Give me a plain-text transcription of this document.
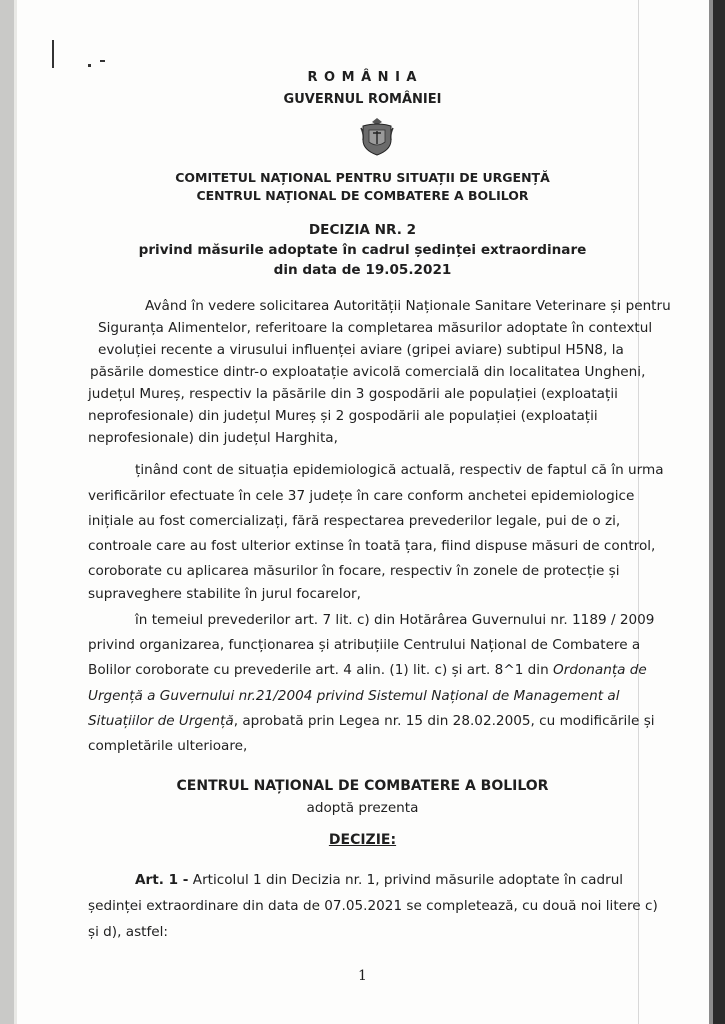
R O M Â N I A
GUVERNUL ROMÂNIEI
COMITETUL NAȚIONAL PENTRU SITUAȚII DE URGENȚĂ
CENTRUL NAȚIONAL DE COMBATERE A BOLILOR
DECIZIA NR. 2
privind măsurile adoptate în cadrul ședinței extraordinare
din data de 19.05.2021
Având în vedere solicitarea Autorității Naționale Sanitare Veterinare și pentru
Siguranța Alimentelor, referitoare la completarea măsurilor adoptate în contextul
evoluției recente a virusului influenței aviare (gripei aviare) subtipul H5N8, la
păsările domestice dintr-o exploatație avicolă comercială din localitatea Ungheni,
județul Mureș, respectiv la păsările din 3 gospodării ale populației (exploatații
neprofesionale) din județul Mureș și 2 gospodării ale populației (exploatații
neprofesionale) din județul Harghita,
ținând cont de situația epidemiologică actuală, respectiv de faptul că în urma
verificărilor efectuate în cele 37 județe în care conform anchetei epidemiologice
inițiale au fost comercializați, fără respectarea prevederilor legale, pui de o zi,
controale care au fost ulterior extinse în toată țara, fiind dispuse măsuri de control,
coroborate cu aplicarea măsurilor în focare, respectiv în zonele de protecție și
supraveghere stabilite în jurul focarelor,
în temeiul prevederilor art. 7 lit. c) din Hotărârea Guvernului nr. 1189 / 2009
privind organizarea, funcționarea și atribuțiile Centrului Național de Combatere a
Bolilor coroborate cu prevederile art. 4 alin. (1) lit. c) și art. 8^1 din Ordonanța de
Urgență a Guvernului nr.21/2004 privind Sistemul Național de Management al
Situațiilor de Urgență, aprobată prin Legea nr. 15 din 28.02.2005, cu modificările și
completările ulterioare,
CENTRUL NAȚIONAL DE COMBATERE A BOLILOR
adoptă prezenta
DECIZIE:
Art. 1 - Articolul 1 din Decizia nr. 1, privind măsurile adoptate în cadrul
ședinței extraordinare din data de 07.05.2021 se completează, cu două noi litere c)
și d), astfel:
1
